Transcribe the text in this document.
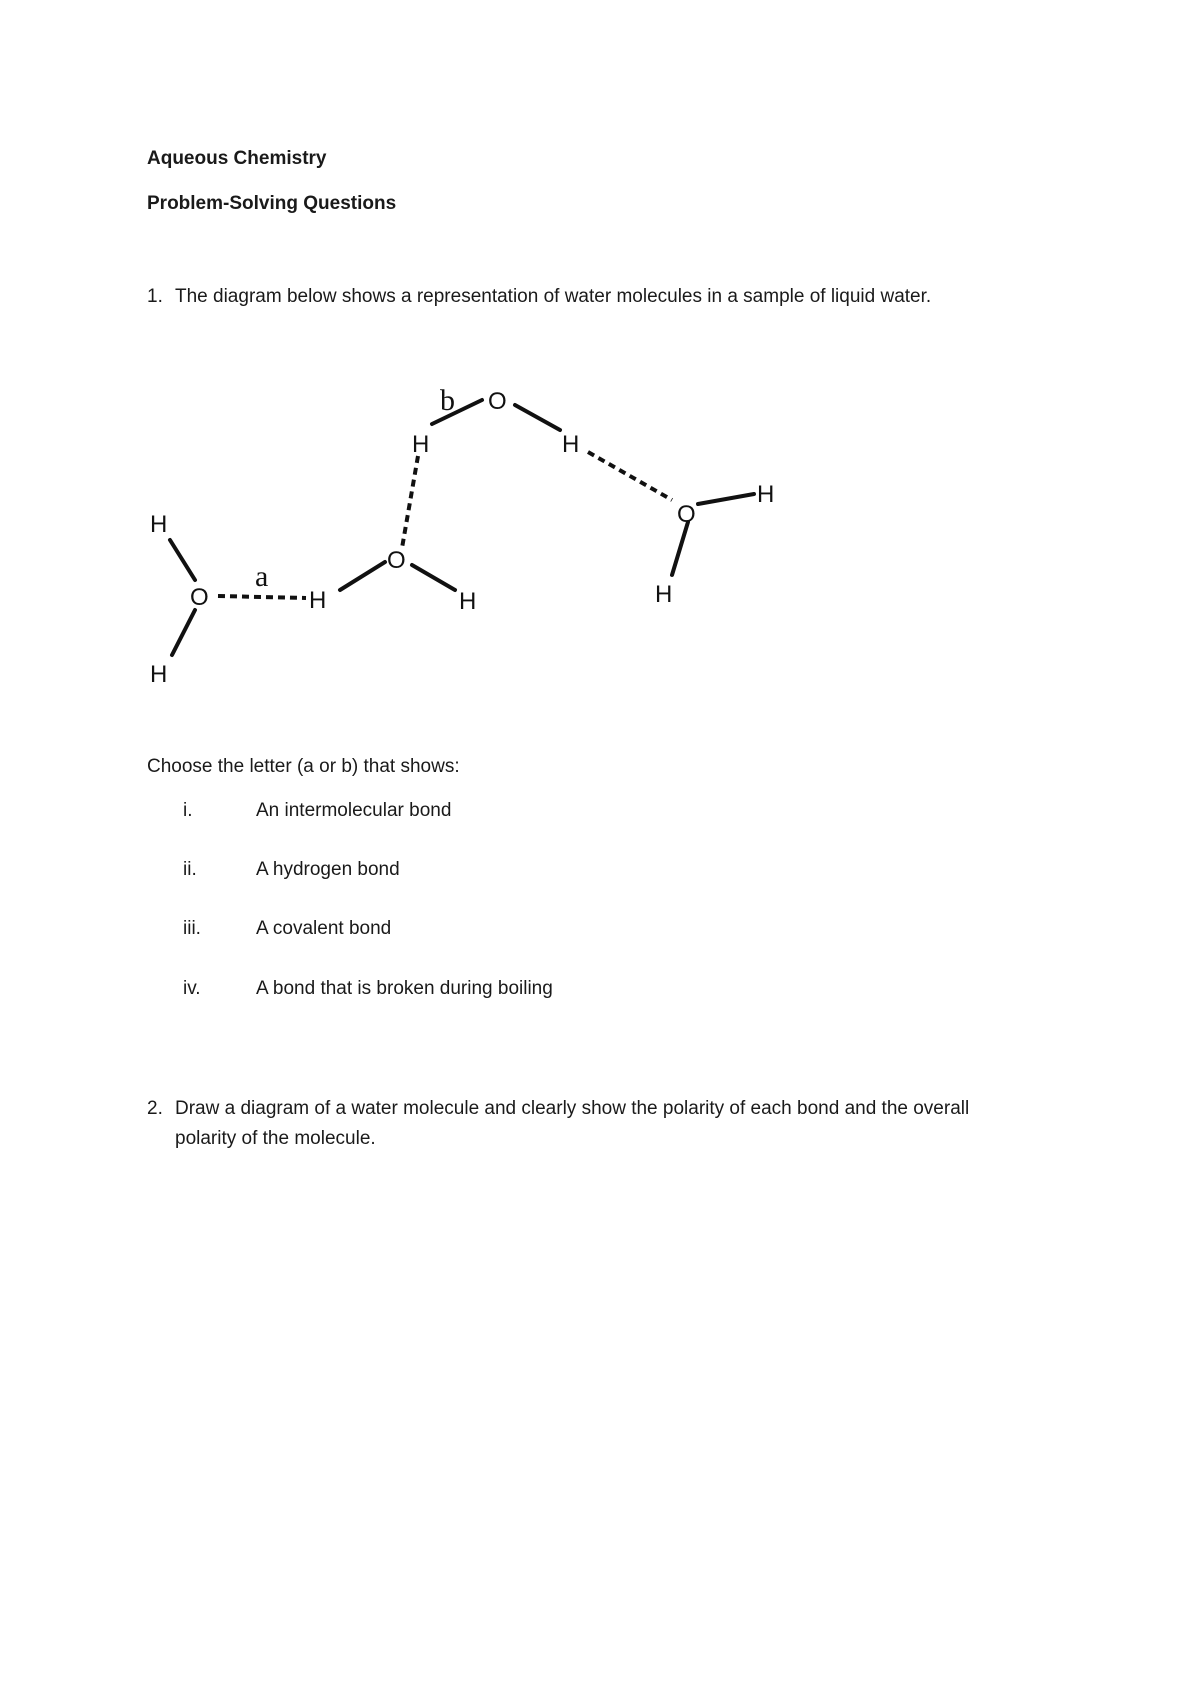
Aqueous Chemistry
Problem-Solving Questions
1. The diagram below shows a representation of water molecules in a sample of liquid water.
H
O
H
H
O
H
H
O
H
O
H
H
a
b
Choose the letter (a or b) that shows:
i.	An intermolecular bond
ii.	A hydrogen bond
iii.	A covalent bond
iv.	A bond that is broken during boiling
2. Draw a diagram of a water molecule and clearly show the polarity of each bond and the overall
polarity of the molecule.
